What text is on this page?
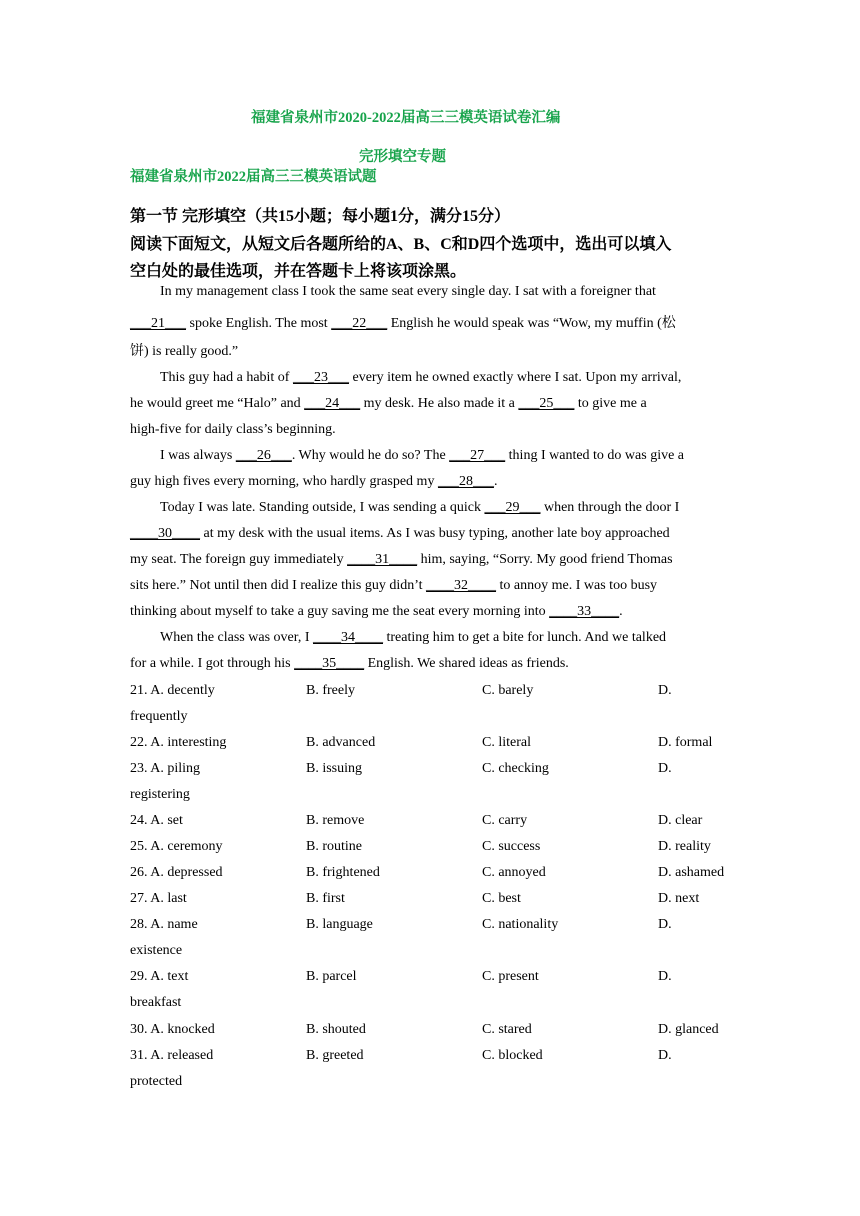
福建省泉州市2020-2022届高三三模英语试卷汇编
完形填空专题
福建省泉州市2022届高三三模英语试题
第一节 完形填空（共15小题；每小题1分，满分15分）
阅读下面短文，从短文后各题所给的A、B、C和D四个选项中，选出可以填入
空白处的最佳选项，并在答题卡上将该项涂黑。
In my management class I took the same seat every single day. I sat with a foreigner that
___21___ spoke English. The most ___22___ English he would speak was “Wow, my muffin (松
饼) is really good.”
This guy had a habit of ___23___ every item he owned exactly where I sat. Upon my arrival,
he would greet me “Halo” and ___24___ my desk. He also made it a ___25___ to give me a
high-five for daily class’s beginning.
I was always ___26___. Why would he do so? The ___27___ thing I wanted to do was give a
guy high fives every morning, who hardly grasped my ___28___.
Today I was late. Standing outside, I was sending a quick ___29___ when through the door I
____30____ at my desk with the usual items. As I was busy typing, another late boy approached
my seat. The foreign guy immediately ____31____ him, saying, “Sorry. My good friend Thomas
sits here.” Not until then did I realize this guy didn’t ____32____ to annoy me. I was too busy
thinking about myself to take a guy saving me the seat every morning into ____33____.
When the class was over, I ____34____ treating him to get a bite for lunch. And we talked
for a while. I got through his ____35____ English. We shared ideas as friends.
21. A. decently	B. freely	C. barely	D.
frequently
22. A. interesting	B. advanced	C. literal	D. formal
23. A. piling	B. issuing	C. checking	D.
registering
24. A. set	B. remove	C. carry	D. clear
25. A. ceremony	B. routine	C. success	D. reality
26. A. depressed	B. frightened	C. annoyed	D. ashamed
27. A. last	B. first	C. best	D. next
28. A. name	B. language	C. nationality	D.
existence
29. A. text	B. parcel	C. present	D.
breakfast
30. A. knocked	B. shouted	C. stared	D. glanced
31. A. released	B. greeted	C. blocked	D.
protected
